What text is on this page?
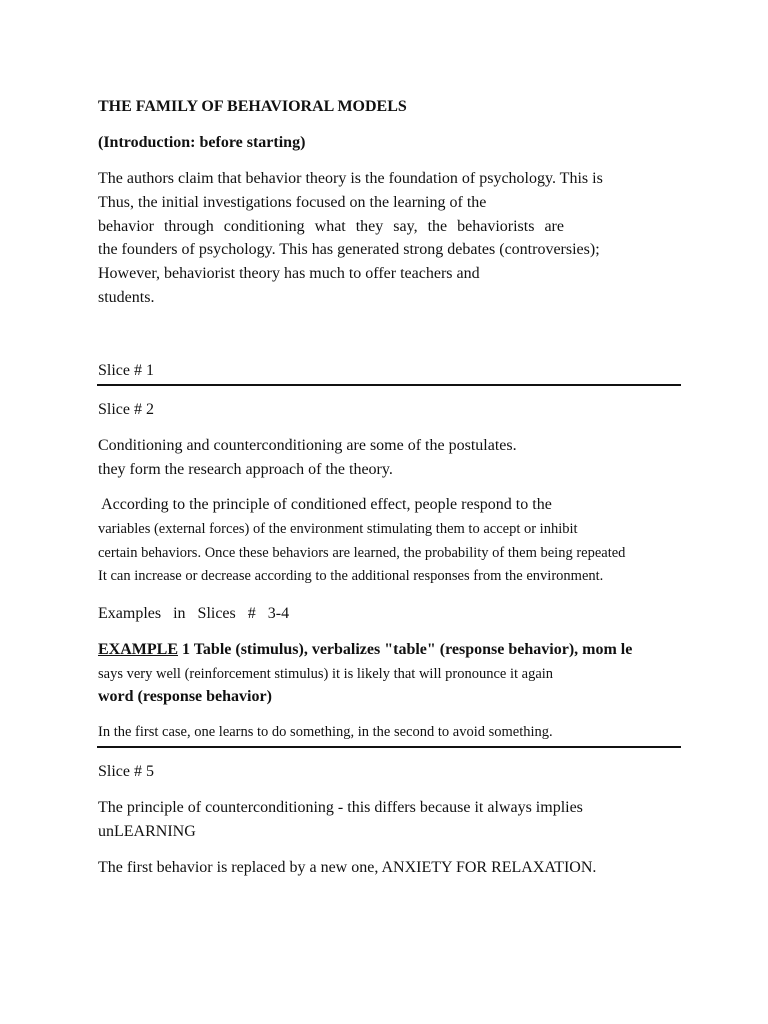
THE FAMILY OF BEHAVIORAL MODELS
(Introduction: before starting)
The authors claim that behavior theory is the foundation of psychology. This is
Thus, the initial investigations focused on the learning of the
behavior through conditioning what they say, the behaviorists are
the founders of psychology. This has generated strong debates (controversies);
However, behaviorist theory has much to offer teachers and
students.
Slice # 1
Slice # 2
Conditioning and counterconditioning are some of the postulates.
they form the research approach of the theory.
According to the principle of conditioned effect, people respond to the
variables (external forces) of the environment stimulating them to accept or inhibit
certain behaviors. Once these behaviors are learned, the probability of them being repeated
It can increase or decrease according to the additional responses from the environment.
Examples in Slices # 3-4
EXAMPLE 1 Table (stimulus), verbalizes "table" (response behavior), mom le
says very well (reinforcement stimulus) it is likely that will pronounce it again
word (response behavior)
In the first case, one learns to do something, in the second to avoid something.
Slice # 5
The principle of counterconditioning - this differs because it always implies
unLEARNING
The first behavior is replaced by a new one, ANXIETY FOR RELAXATION.
